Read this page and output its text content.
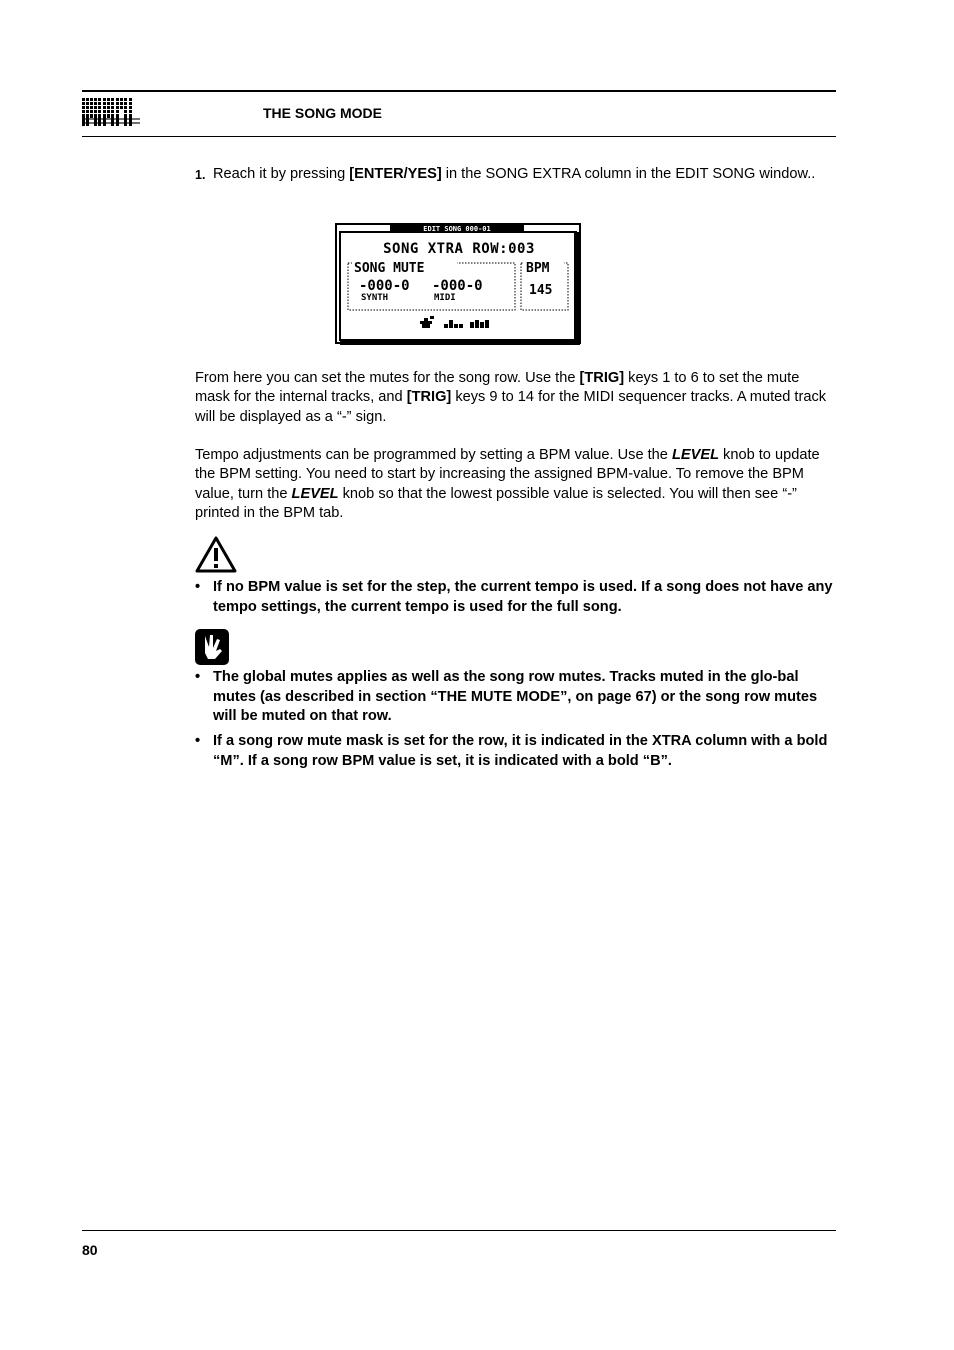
THE SONG MODE
1. Reach it by pressing [ENTER/YES] in the SONG EXTRA column in the EDIT SONG window..
EDIT SONG 000-01
SONG XTRA ROW:003
SONG MUTE	BPM
-000-0 -000-0
SYNTH	MIDI	145

From here you can set the mutes for the song row. Use the [TRIG] keys 1 to 6 to set the mute mask for the internal tracks, and [TRIG] keys 9 to 14 for the MIDI sequencer tracks. A muted track will be displayed as a “-” sign.

Tempo adjustments can be programmed by setting a BPM value. Use the LEVEL knob to update the BPM setting. You need to start by increasing the assigned BPM-value. To remove the BPM value, turn the LEVEL knob so that the lowest possible value is selected. You will then see “-” printed in the BPM tab.

• If no BPM value is set for the step, the current tempo is used. If a song does not have any tempo settings, the current tempo is used for the full song.
• The global mutes applies as well as the song row mutes. Tracks muted in the glo-bal mutes (as described in section “THE MUTE MODE”, on page 67) or the song row mutes will be muted on that row.
• If a song row mute mask is set for the row, it is indicated in the XTRA column with a bold “M”. If a song row BPM value is set, it is indicated with a bold “B”.
80
